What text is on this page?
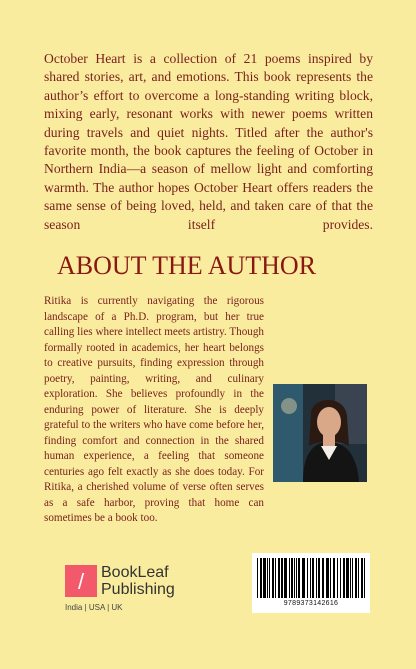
October Heart is a collection of 21 poems inspired by shared stories, art, and emotions. This book represents the author’s effort to overcome a long-standing writing block, mixing early, resonant works with newer poems written during travels and quiet nights. Titled after the author's favorite month, the book captures the feeling of October in Northern India—a season of mellow light and comforting warmth. The author hopes October Heart offers readers the same sense of being loved, held, and taken care of that the season itself provides.

ABOUT THE AUTHOR

Ritika is currently navigating the rigorous landscape of a Ph.D. program, but her true calling lies where intellect meets artistry. Though formally rooted in academics, her heart belongs to creative pursuits, finding expression through poetry, painting, writing, and culinary exploration. She believes profoundly in the enduring power of literature. She is deeply grateful to the writers who have come before her, finding comfort and connection in the shared human experience, a feeling that someone centuries ago felt exactly as she does today. For Ritika, a cherished volume of verse often serves as a safe harbor, proving that home can sometimes be a book too.

/ BookLeaf
Publishing
India | USA | UK	9789373142616
